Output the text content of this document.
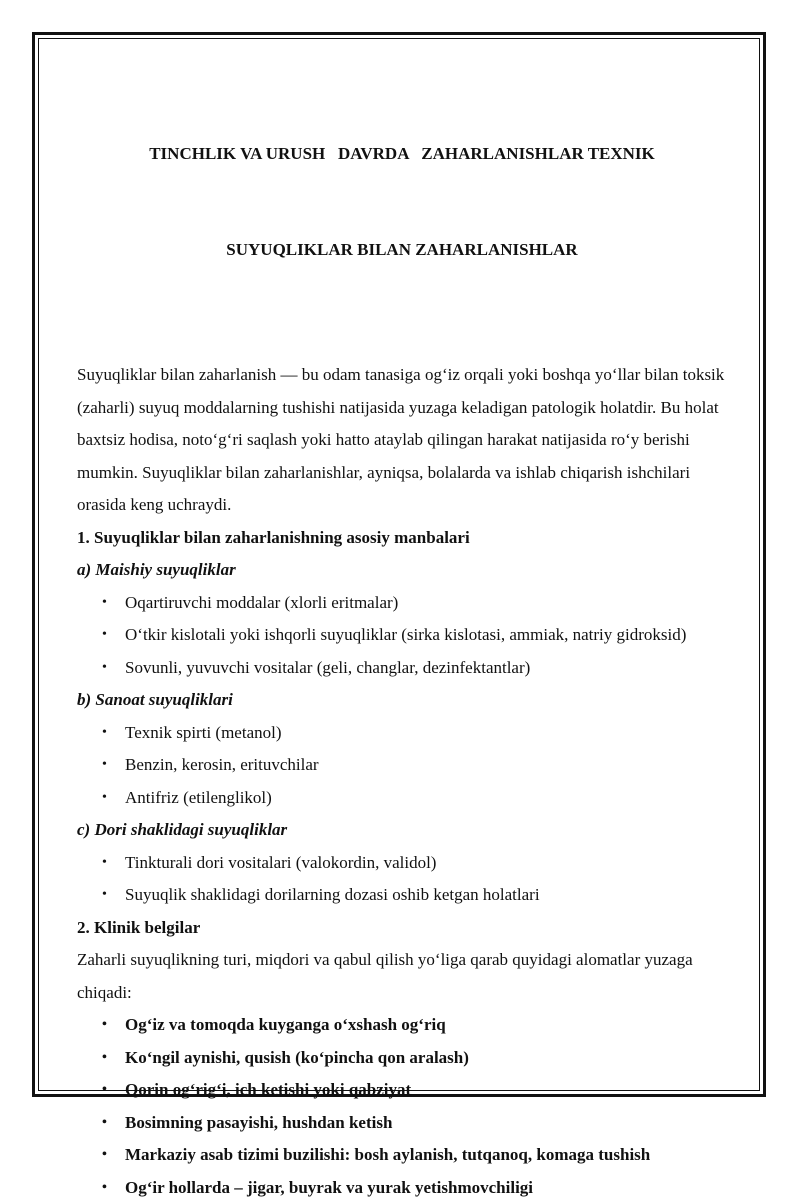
TINCHLIK VA URUSH   DAVRDA   ZAHARLANISHLAR TEXNIK

SUYUQLIKLAR BILAN ZAHARLANISHLAR

Suyuqliklar bilan zaharlanish — bu odam tanasiga og‘iz orqali yoki boshqa yo‘llar bilan toksik (zaharli) suyuq moddalarning tushishi natijasida yuzaga keladigan patologik holatdir. Bu holat baxtsiz hodisa, noto‘g‘ri saqlash yoki hatto ataylab qilingan harakat natijasida ro‘y berishi mumkin. Suyuqliklar bilan zaharlanishlar, ayniqsa, bolalarda va ishlab chiqarish ishchilari orasida keng uchraydi.

1. Suyuqliklar bilan zaharlanishning asosiy manbalari

a) Maishiy suyuqliklar

• Oqartiruvchi moddalar (xlorli eritmalar)
• O‘tkir kislotali yoki ishqorli suyuqliklar (sirka kislotasi, ammiak, natriy gidroksid)
• Sovunli, yuvuvchi vositalar (geli, changlar, dezinfektantlar)

b) Sanoat suyuqliklari

• Texnik spirti (metanol)
• Benzin, kerosin, erituvchilar
• Antifriz (etilenglikol)

c) Dori shaklidagi suyuqliklar

• Tinkturali dori vositalari (valokordin, validol)
• Suyuqlik shaklidagi dorilarning dozasi oshib ketgan holatlari

2. Klinik belgilar

Zaharli suyuqlikning turi, miqdori va qabul qilish yo‘liga qarab quyidagi alomatlar yuzaga chiqadi:

• Og‘iz va tomoqda kuyganga o‘xshash og‘riq
• Ko‘ngil aynishi, qusish (ko‘pincha qon aralash)
• Qorin og‘rig‘i, ich ketishi yoki qabziyat
• Bosimning pasayishi, hushdan ketish
• Markaziy asab tizimi buzilishi: bosh aylanish, tutqanoq, komaga tushish
• Og‘ir hollarda – jigar, buyrak va yurak yetishmovchiligi
